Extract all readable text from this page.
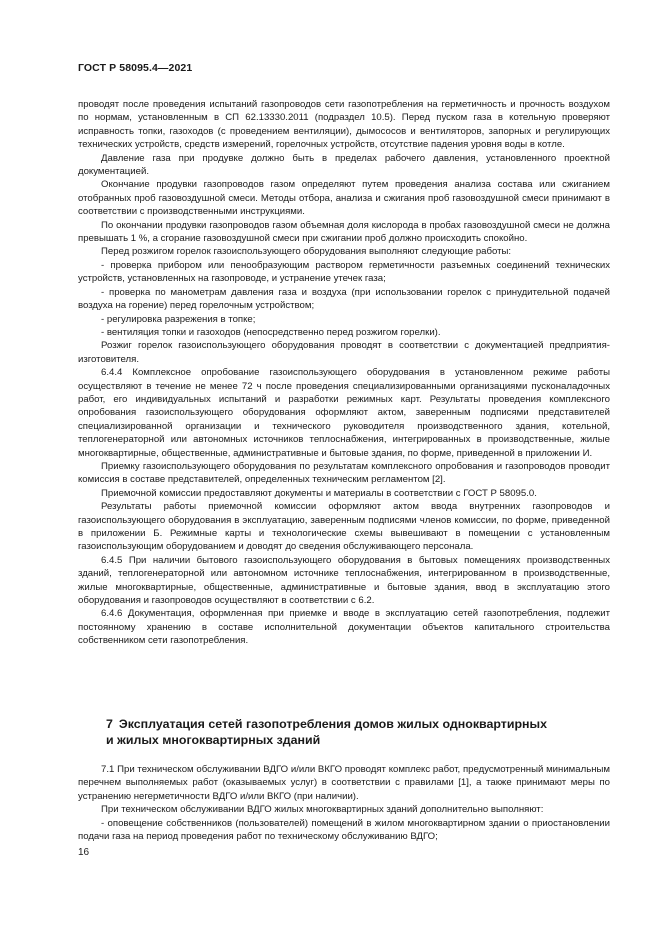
ГОСТ Р 58095.4—2021

проводят после проведения испытаний газопроводов сети газопотребления на герметичность и прочность воздухом по нормам, установленным в СП 62.13330.2011 (подраздел 10.5). Перед пуском газа в котельную проверяют исправность топки, газоходов (с проведением вентиляции), дымососов и вентиляторов, запорных и регулирующих технических устройств, средств измерений, горелочных устройств, отсутствие падения уровня воды в котле.

Давление газа при продувке должно быть в пределах рабочего давления, установленного проектной документацией.

Окончание продувки газопроводов газом определяют путем проведения анализа состава или сжиганием отобранных проб газовоздушной смеси. Методы отбора, анализа и сжигания проб газовоздушной смеси принимают в соответствии с производственными инструкциями.

По окончании продувки газопроводов газом объемная доля кислорода в пробах газовоздушной смеси не должна превышать 1 %, а сгорание газовоздушной смеси при сжигании проб должно происходить спокойно.

Перед розжигом горелок газоиспользующего оборудования выполняют следующие работы:

- проверка прибором или пенообразующим раствором герметичности разъемных соединений технических устройств, установленных на газопроводе, и устранение утечек газа;

- проверка по манометрам давления газа и воздуха (при использовании горелок с принудительной подачей воздуха на горение) перед горелочным устройством;

- регулировка разрежения в топке;

- вентиляция топки и газоходов (непосредственно перед розжигом горелки).

Розжиг горелок газоиспользующего оборудования проводят в соответствии с документацией предприятия-изготовителя.

6.4.4 Комплексное опробование газоиспользующего оборудования в установленном режиме работы осуществляют в течение не менее 72 ч после проведения специализированными организациями пусконаладочных работ, его индивидуальных испытаний и разработки режимных карт. Результаты проведения комплексного опробования газоиспользующего оборудования оформляют актом, заверенным подписями представителей специализированной организации и технического руководителя производственного здания, котельной, теплогенераторной или автономных источников теплоснабжения, интегрированных в производственные, жилые многоквартирные, общественные, административные и бытовые здания, по форме, приведенной в приложении И.

Приемку газоиспользующего оборудования по результатам комплексного опробования и газопроводов проводит комиссия в составе представителей, определенных техническим регламентом [2].

Приемочной комиссии предоставляют документы и материалы в соответствии с ГОСТ Р 58095.0.

Результаты работы приемочной комиссии оформляют актом ввода внутренних газопроводов и газоиспользующего оборудования в эксплуатацию, заверенным подписями членов комиссии, по форме, приведенной в приложении Б. Режимные карты и технологические схемы вывешивают в помещении с установленным газоиспользующим оборудованием и доводят до сведения обслуживающего персонала.

6.4.5 При наличии бытового газоиспользующего оборудования в бытовых помещениях производственных зданий, теплогенераторной или автономном источнике теплоснабжения, интегрированном в производственные, жилые многоквартирные, общественные, административные и бытовые здания, ввод в эксплуатацию этого оборудования и газопроводов осуществляют в соответствии с 6.2.

6.4.6 Документация, оформленная при приемке и вводе в эксплуатацию сетей газопотребления, подлежит постоянному хранению в составе исполнительной документации объектов капитального строительства собственником сети газопотребления.

7 Эксплуатация сетей газопотребления домов жилых одноквартирных
и жилых многоквартирных зданий

7.1 При техническом обслуживании ВДГО и/или ВКГО проводят комплекс работ, предусмотренный минимальным перечнем выполняемых работ (оказываемых услуг) в соответствии с правилами [1], а также принимают меры по устранению негерметичности ВДГО и/или ВКГО (при наличии).

При техническом обслуживании ВДГО жилых многоквартирных зданий дополнительно выполняют:

- оповещение собственников (пользователей) помещений в жилом многоквартирном здании о приостановлении подачи газа на период проведения работ по техническому обслуживанию ВДГО;

16
